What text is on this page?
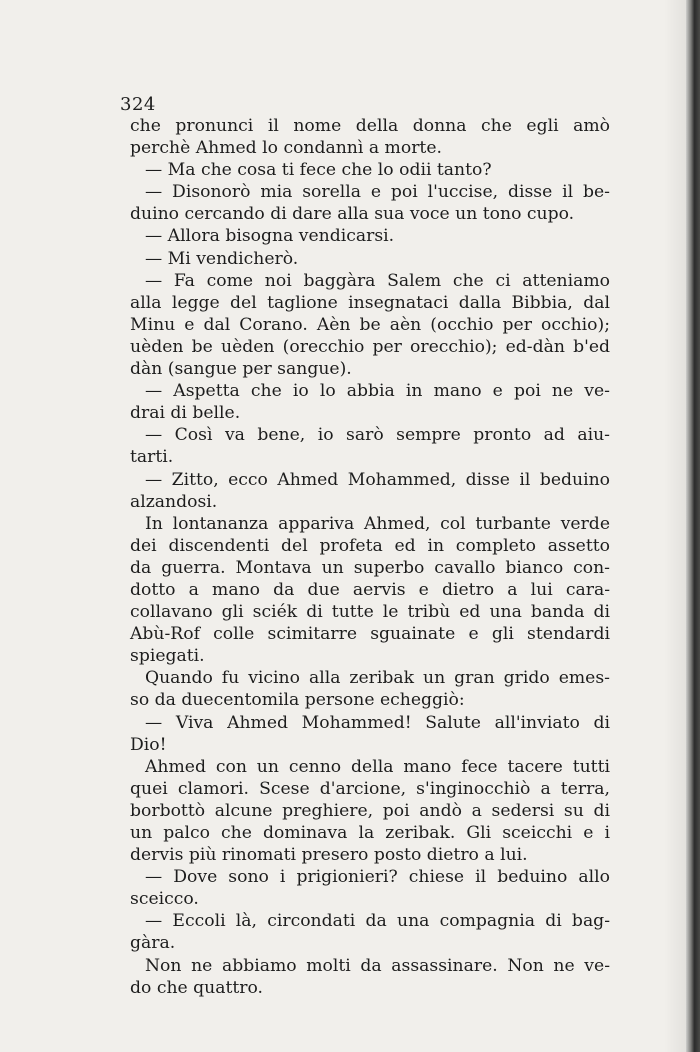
324
che pronunci il nome della donna che egli amò
perchè Ahmed lo condannì a morte.
— Ma che cosa ti fece che lo odii tanto?
— Disonorò mia sorella e poi l'uccise, disse il be-
duino cercando di dare alla sua voce un tono cupo.
— Allora bisogna vendicarsi.
— Mi vendicherò.
— Fa come noi baggàra Salem che ci atteniamo
alla legge del taglione insegnataci dalla Bibbia, dal
Minu e dal Corano. Aèn be aèn (occhio per occhio);
uèden be uèden (orecchio per orecchio); ed-dàn b'ed
dàn (sangue per sangue).
— Aspetta che io lo abbia in mano e poi ne ve-
drai di belle.
— Così va bene, io sarò sempre pronto ad aiu-
tarti.
— Zitto, ecco Ahmed Mohammed, disse il beduino
alzandosi.
In lontananza appariva Ahmed, col turbante verde
dei discendenti del profeta ed in completo assetto
da guerra. Montava un superbo cavallo bianco con-
dotto a mano da due aervis e dietro a lui cara-
collavano gli sciék di tutte le tribù ed una banda di
Abù-Rof colle scimitarre sguainate e gli stendardi
spiegati.
Quando fu vicino alla zeribak un gran grido emes-
so da duecentomila persone echeggiò:
— Viva Ahmed Mohammed! Salute all'inviato di
Dio!
Ahmed con un cenno della mano fece tacere tutti
quei clamori. Scese d'arcione, s'inginocchiò a terra,
borbottò alcune preghiere, poi andò a sedersi su di
un palco che dominava la zeribak. Gli sceicchi e i
dervis più rinomati presero posto dietro a lui.
— Dove sono i prigionieri? chiese il beduino allo
sceicco.
— Eccoli là, circondati da una compagnia di bag-
gàra.
Non ne abbiamo molti da assassinare. Non ne ve-
do che quattro.
